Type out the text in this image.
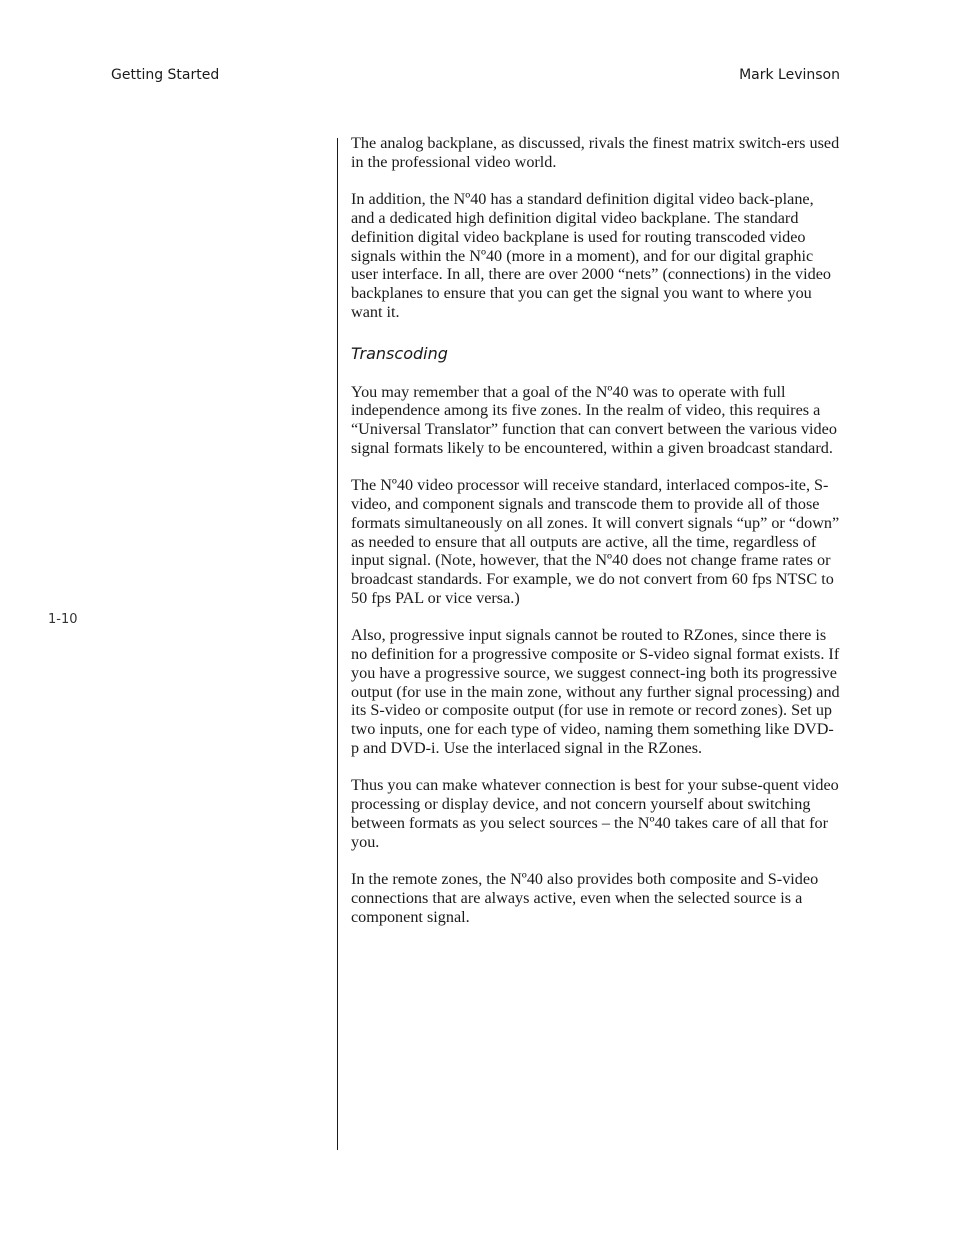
Getting Started	Mark Levinson
1-10

The analog backplane, as discussed, rivals the finest matrix switch-ers used in the professional video world.

In addition, the Nº40 has a standard definition digital video back-plane, and a dedicated high definition digital video backplane. The standard definition digital video backplane is used for routing transcoded video signals within the Nº40 (more in a moment), and for our digital graphic user interface. In all, there are over 2000 “nets” (connections) in the video backplanes to ensure that you can get the signal you want to where you want it.

Transcoding

You may remember that a goal of the Nº40 was to operate with full independence among its five zones. In the realm of video, this requires a “Universal Translator” function that can convert between the various video signal formats likely to be encountered, within a given broadcast standard.

The Nº40 video processor will receive standard, interlaced compos-ite, S-video, and component signals and transcode them to provide all of those formats simultaneously on all zones. It will convert signals “up” or “down” as needed to ensure that all outputs are active, all the time, regardless of input signal. (Note, however, that the Nº40 does not change frame rates or broadcast standards. For example, we do not convert from 60 fps NTSC to 50 fps PAL or vice versa.)

Also, progressive input signals cannot be routed to RZones, since there is no definition for a progressive composite or S-video signal format exists. If you have a progressive source, we suggest connect-ing both its progressive output (for use in the main zone, without any further signal processing) and its S-video or composite output (for use in remote or record zones). Set up two inputs, one for each type of video, naming them something like DVD-p and DVD-i. Use the interlaced signal in the RZones.

Thus you can make whatever connection is best for your subse-quent video processing or display device, and not concern yourself about switching between formats as you select sources – the Nº40 takes care of all that for you.

In the remote zones, the Nº40 also provides both composite and S-video connections that are always active, even when the selected source is a component signal.
